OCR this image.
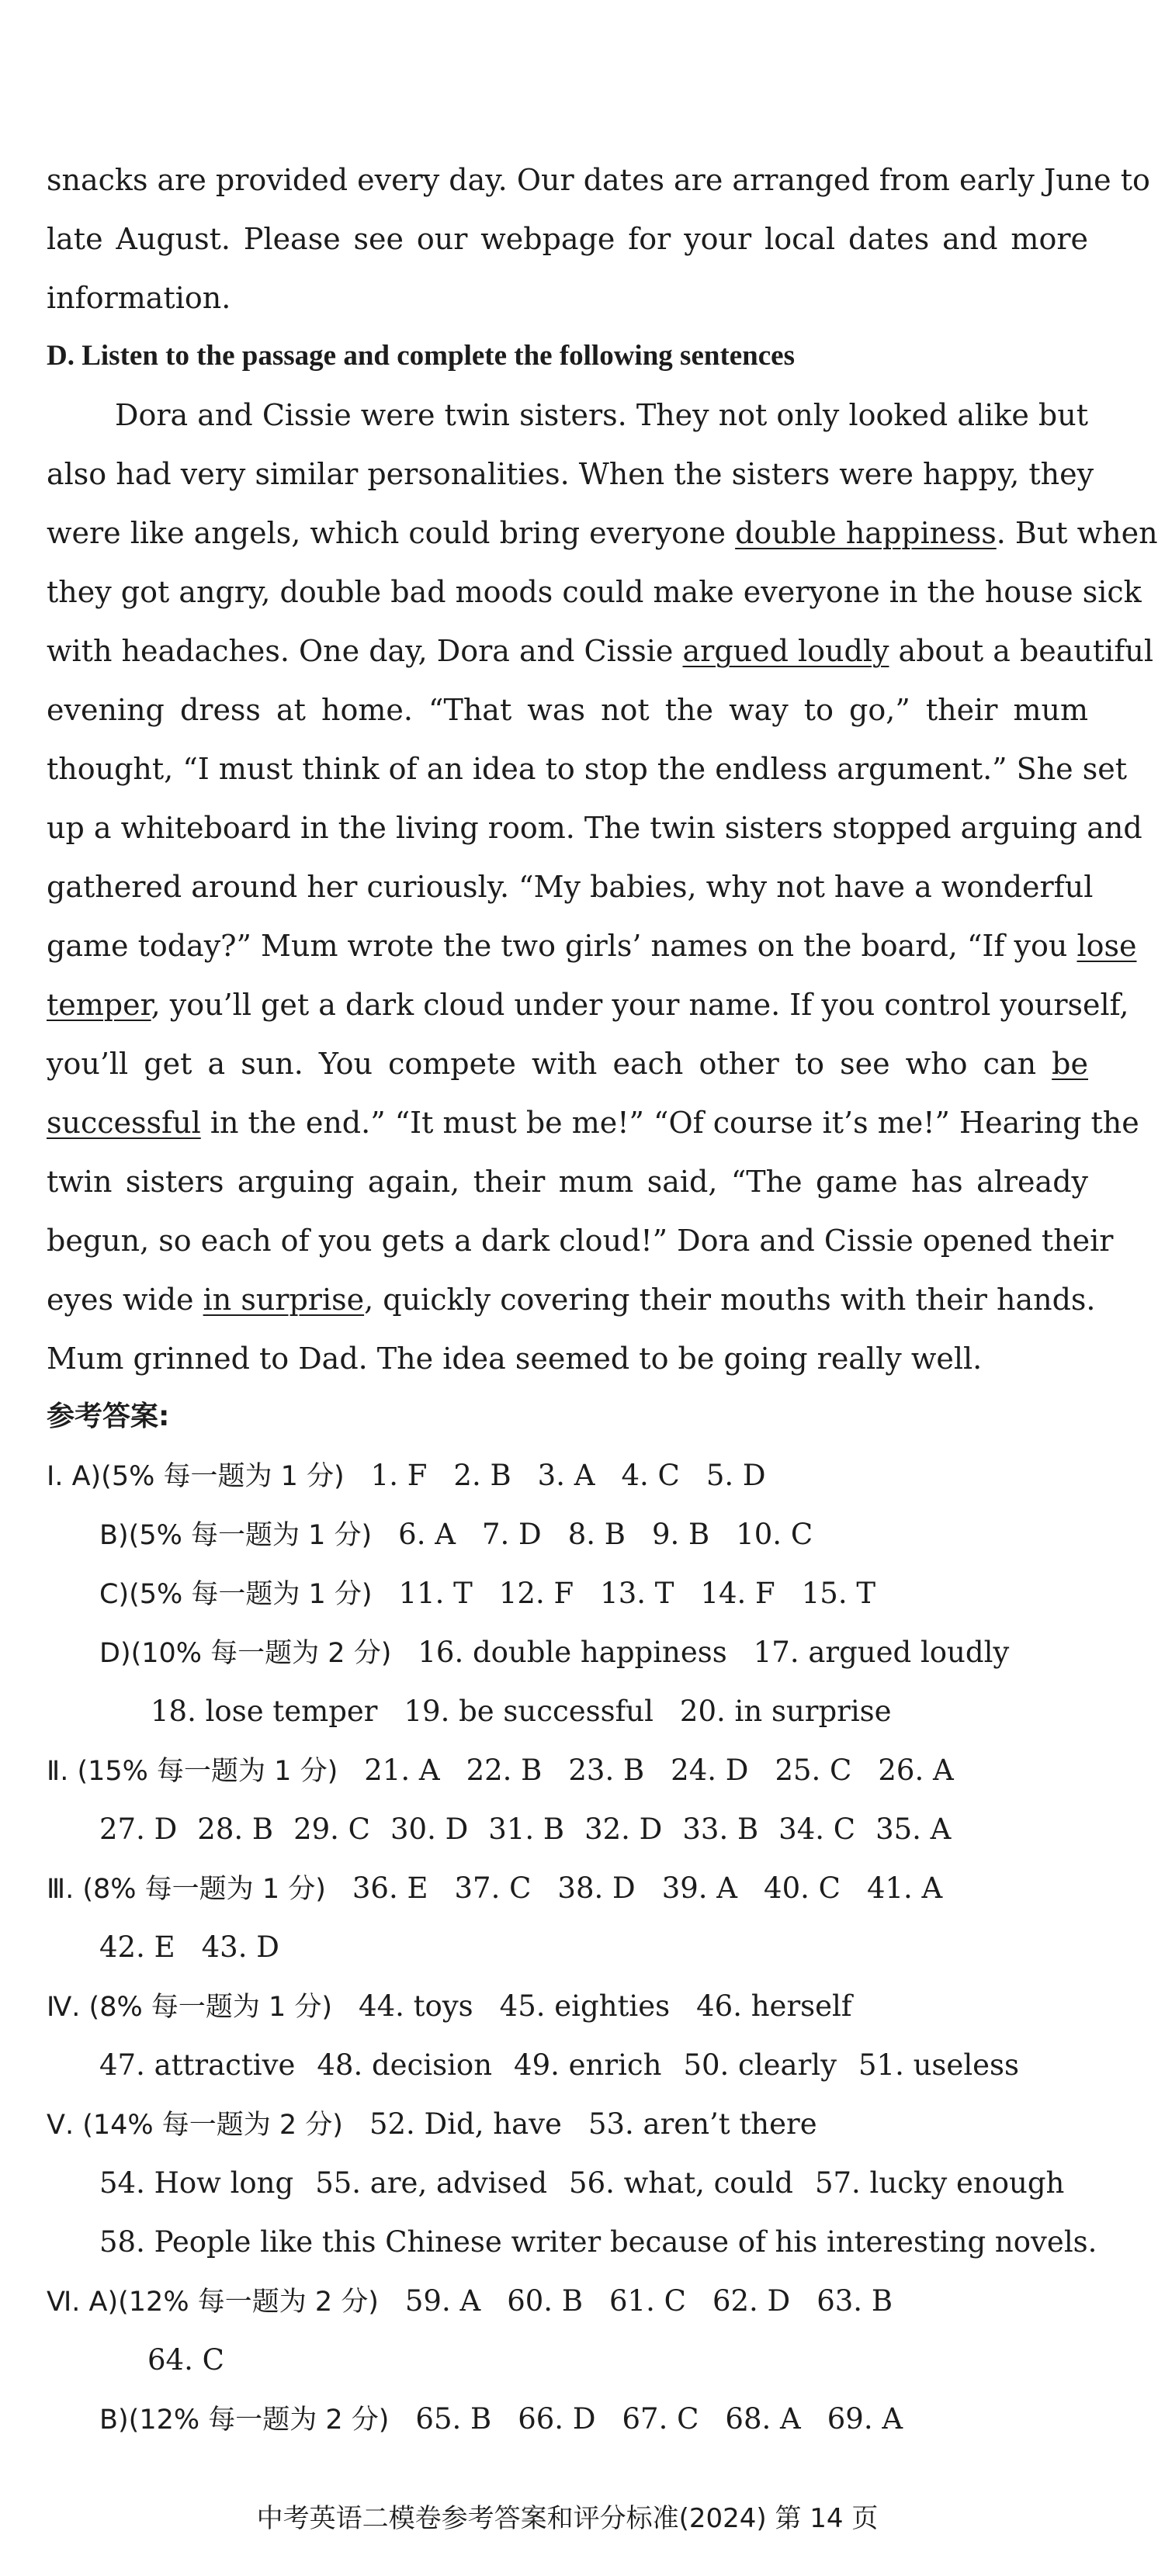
snacks are provided every day. Our dates are arranged from early June to
late August. Please see our webpage for your local dates and more
information.
D. Listen to the passage and complete the following sentences
Dora and Cissie were twin sisters. They not only looked alike but
also had very similar personalities. When the sisters were happy, they
were like angels, which could bring everyone double happiness. But when
they got angry, double bad moods could make everyone in the house sick
with headaches. One day, Dora and Cissie argued loudly about a beautiful
evening dress at home. “That was not the way to go,” their mum
thought, “I must think of an idea to stop the endless argument.” She set
up a whiteboard in the living room. The twin sisters stopped arguing and
gathered around her curiously. “My babies, why not have a wonderful
game today?” Mum wrote the two girls’ names on the board, “If you lose
temper, you’ll get a dark cloud under your name. If you control yourself,
you’ll get a sun. You compete with each other to see who can be
successful in the end.” “It must be me!” “Of course it’s me!” Hearing the
twin sisters arguing again, their mum said, “The game has already
begun, so each of you gets a dark cloud!” Dora and Cissie opened their
eyes wide in surprise, quickly covering their mouths with their hands.
Mum grinned to Dad. The idea seemed to be going really well.
参考答案:
Ⅰ. A)(5% 每一题为 1 分) 1. F 2. B 3. A 4. C 5. D
B)(5% 每一题为 1 分) 6. A 7. D 8. B 9. B 10. C
C)(5% 每一题为 1 分) 11. T 12. F 13. T 14. F 15. T
D)(10% 每一题为 2 分) 16. double happiness 17. argued loudly
18. lose temper 19. be successful 20. in surprise
Ⅱ. (15% 每一题为 1 分) 21. A 22. B 23. B 24. D 25. C 26. A
27. D 28. B 29. C 30. D 31. B 32. D 33. B 34. C 35. A
Ⅲ. (8% 每一题为 1 分) 36. E 37. C 38. D 39. A 40. C 41. A
42. E 43. D
Ⅳ. (8% 每一题为 1 分) 44. toys 45. eighties 46. herself
47. attractive 48. decision 49. enrich 50. clearly 51. useless
Ⅴ. (14% 每一题为 2 分) 52. Did, have 53. aren’t there
54. How long 55. are, advised 56. what, could 57. lucky enough
58. People like this Chinese writer because of his interesting novels.
Ⅵ. A)(12% 每一题为 2 分) 59. A 60. B 61. C 62. D 63. B
64. C
B)(12% 每一题为 2 分) 65. B 66. D 67. C 68. A 69. A
中考英语二模卷参考答案和评分标准(2024) 第 14 页
